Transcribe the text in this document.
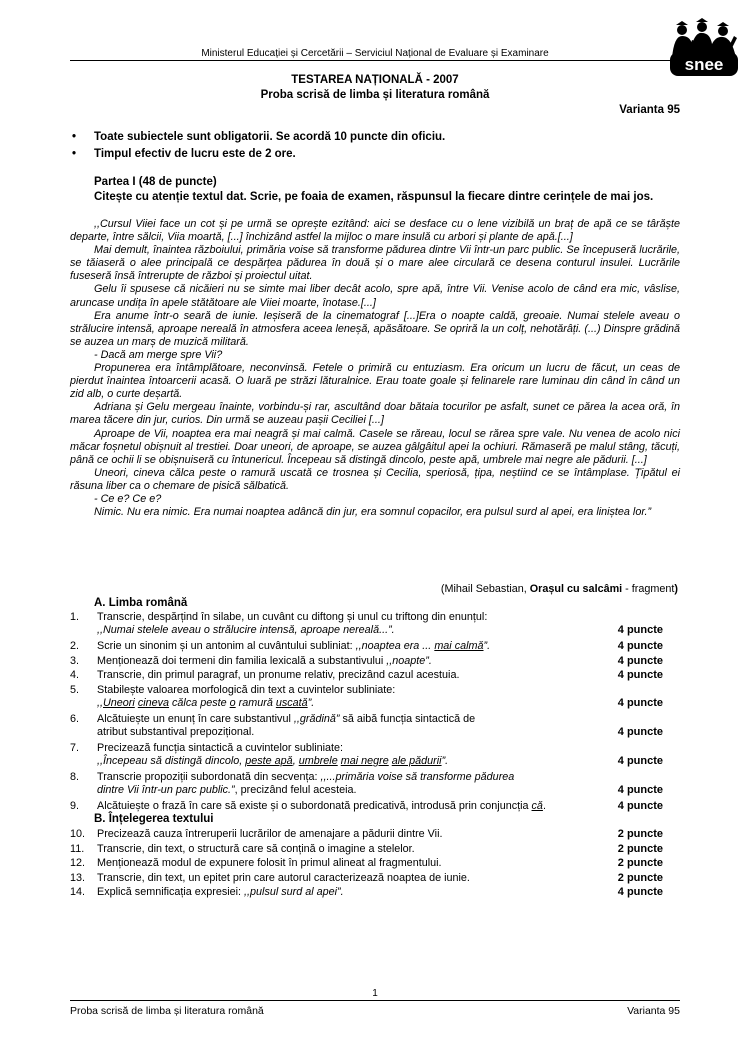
Ministerul Educației și Cercetării – Serviciul Național de Evaluare și Examinare
snee
TESTAREA NAȚIONALĂ - 2007
Proba scrisă de limba și literatura română
Varianta 95
• Toate subiectele sunt obligatorii. Se acordă 10 puncte din oficiu.
• Timpul efectiv de lucru este de 2 ore.
Partea I (48 de puncte)
Citește cu atenție textul dat. Scrie, pe foaia de examen, răspunsul la fiecare dintre cerințele de mai jos.

,,Cursul Viiei face un cot și pe urmă se oprește ezitând: aici se desface cu o lene vizibilă un braț de apă ce se târăște departe, între sălcii, Viia moartă, [...] închizând astfel la mijloc o mare insulă cu arbori și plante de apă.[...]

Mai demult, înaintea războiului, primăria voise să transforme pădurea dintre Vii într-un parc public. Se începuseră lucrările, se tăiaseră o alee principală ce despărțea pădurea în două și o mare alee circulară ce desena conturul insulei. Lucrările fuseseră însă întrerupte de război și proiectul uitat.

Gelu îi spusese că nicăieri nu se simte mai liber decât acolo, spre apă, între Vii. Venise acolo de când era mic, vâslise, aruncase undița în apele stătătoare ale Viiei moarte, înotase.[...]

Era anume într-o seară de iunie. Ieșiseră de la cinematograf [...]Era o noapte caldă, greoaie. Numai stelele aveau o strălucire intensă, aproape nereală în atmosfera aceea leneșă, apăsătoare. Se opriră la un colț, nehotărâți. (...) Dinspre grădină se auzea un marș de muzică militară.

- Dacă am merge spre Vii?

Propunerea era întâmplătoare, neconvinsă. Fetele o primiră cu entuziasm. Era oricum un lucru de făcut, un ceas de pierdut înaintea întoarcerii acasă. O luară pe străzi lăturalnice. Erau toate goale și felinarele rare luminau din când în când un zid alb, o curte deșartă.

Adriana și Gelu mergeau înainte, vorbindu-și rar, ascultând doar bătaia tocurilor pe asfalt, sunet ce părea la acea oră, în marea tăcere din jur, curios. Din urmă se auzeau pașii Ceciliei [...]

Aproape de Vii, noaptea era mai neagră și mai calmă. Casele se răreau, locul se rărea spre vale. Nu venea de acolo nici măcar foșnetul obișnuit al trestiei. Doar uneori, de aproape, se auzea gâlgâitul apei la ochiuri. Rămaseră pe malul stâng, tăcuți, până ce ochii li se obișnuiseră cu întunericul. Începeau să distingă dincolo, peste apă, umbrele mai negre ale pădurii. [...]

Uneori, cineva călca peste o ramură uscată ce trosnea și Cecilia, speriosă, țipa, neștiind ce se întâmplase. Țipătul ei răsuna liber ca o chemare de pisică sălbatică.

- Ce e? Ce e?

Nimic. Nu era nimic. Era numai noaptea adâncă din jur, era somnul copacilor, era pulsul surd al apei, era liniștea lor.”

(Mihail Sebastian, Orașul cu salcâmi - fragment)
A. Limba română
1. Transcrie, despărțind în silabe, un cuvânt cu diftong și unul cu triftong din enunțul:
,,Numai stelele aveau o strălucire intensă, aproape nereală...”.	4 puncte
2. Scrie un sinonim și un antonim al cuvântului subliniat: ,,noaptea era ... mai calmă”.	4 puncte
3. Menționează doi termeni din familia lexicală a substantivului ,,noapte”.	4 puncte
4. Transcrie, din primul paragraf, un pronume relativ, precizând cazul acestuia.	4 puncte
5. Stabilește valoarea morfologică din text a cuvintelor subliniate:
,,Uneori cineva călca peste o ramură uscată”.	4 puncte
6. Alcătuiește un enunț în care substantivul ,,grădină” să aibă funcția sintactică de
atribut substantival prepozițional.	4 puncte
7. Precizează funcția sintactică a cuvintelor subliniate:
,,Începeau să distingă dincolo, peste apă, umbrele mai negre ale pădurii”.	4 puncte
8. Transcrie propoziții subordonată din secvența: ,,...primăria voise să transforme pădurea
dintre Vii într-un parc public.”, precizând felul acesteia.	4 puncte
9. Alcătuiește o frază în care să existe și o subordonată predicativă, introdusă prin conjuncția că.	4 puncte
B. Înțelegerea textului
10. Precizează cauza întreruperii lucrărilor de amenajare a pădurii dintre Vii.	2 puncte
11. Transcrie, din text, o structură care să conțină o imagine a stelelor.	2 puncte
12. Menționează modul de expunere folosit în primul alineat al fragmentului.	2 puncte
13. Transcrie, din text, un epitet prin care autorul caracterizează noaptea de iunie.	2 puncte
14. Explică semnificația expresiei: ,,pulsul surd al apei”.	4 puncte
1
Proba scrisă de limba și literatura română	Varianta 95
